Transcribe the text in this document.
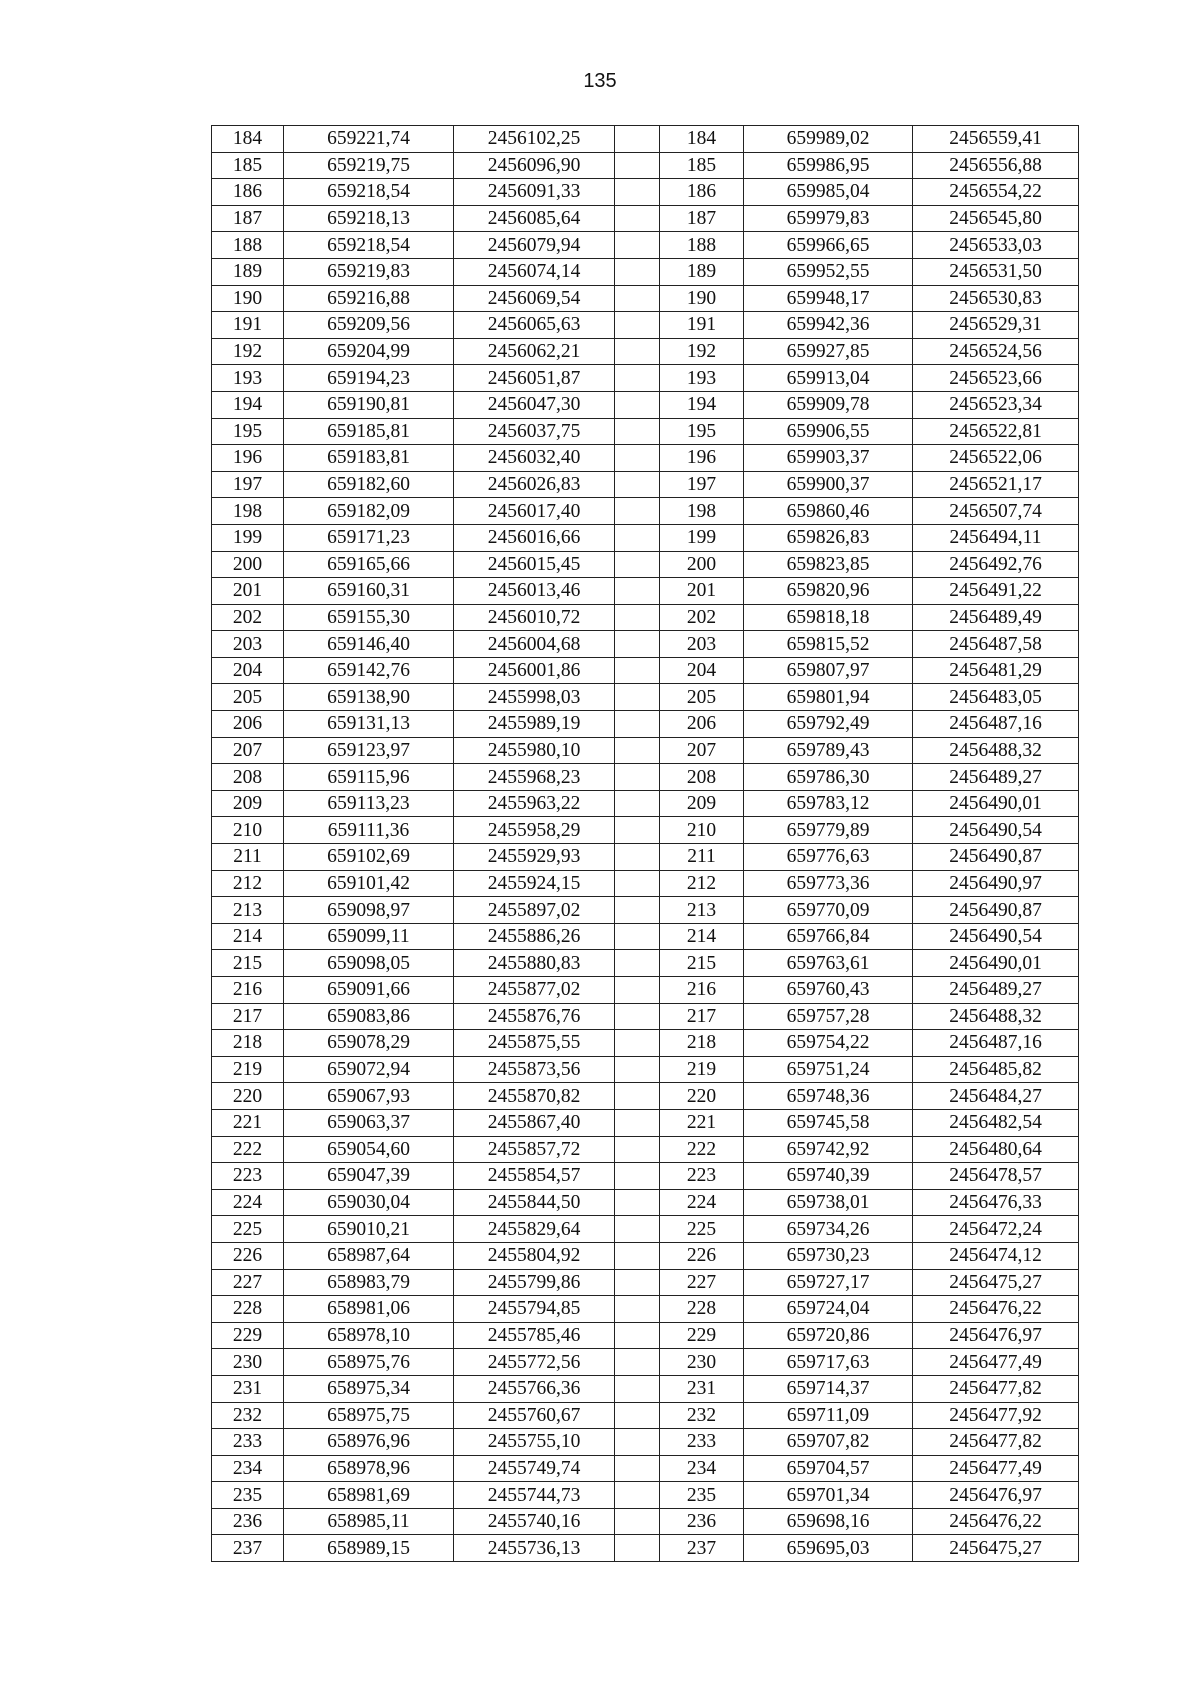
135
184	659221,74	2456102,25		184	659989,02	2456559,41
185	659219,75	2456096,90		185	659986,95	2456556,88
186	659218,54	2456091,33		186	659985,04	2456554,22
187	659218,13	2456085,64		187	659979,83	2456545,80
188	659218,54	2456079,94		188	659966,65	2456533,03
189	659219,83	2456074,14		189	659952,55	2456531,50
190	659216,88	2456069,54		190	659948,17	2456530,83
191	659209,56	2456065,63		191	659942,36	2456529,31
192	659204,99	2456062,21		192	659927,85	2456524,56
193	659194,23	2456051,87		193	659913,04	2456523,66
194	659190,81	2456047,30		194	659909,78	2456523,34
195	659185,81	2456037,75		195	659906,55	2456522,81
196	659183,81	2456032,40		196	659903,37	2456522,06
197	659182,60	2456026,83		197	659900,37	2456521,17
198	659182,09	2456017,40		198	659860,46	2456507,74
199	659171,23	2456016,66		199	659826,83	2456494,11
200	659165,66	2456015,45		200	659823,85	2456492,76
201	659160,31	2456013,46		201	659820,96	2456491,22
202	659155,30	2456010,72		202	659818,18	2456489,49
203	659146,40	2456004,68		203	659815,52	2456487,58
204	659142,76	2456001,86		204	659807,97	2456481,29
205	659138,90	2455998,03		205	659801,94	2456483,05
206	659131,13	2455989,19		206	659792,49	2456487,16
207	659123,97	2455980,10		207	659789,43	2456488,32
208	659115,96	2455968,23		208	659786,30	2456489,27
209	659113,23	2455963,22		209	659783,12	2456490,01
210	659111,36	2455958,29		210	659779,89	2456490,54
211	659102,69	2455929,93		211	659776,63	2456490,87
212	659101,42	2455924,15		212	659773,36	2456490,97
213	659098,97	2455897,02		213	659770,09	2456490,87
214	659099,11	2455886,26		214	659766,84	2456490,54
215	659098,05	2455880,83		215	659763,61	2456490,01
216	659091,66	2455877,02		216	659760,43	2456489,27
217	659083,86	2455876,76		217	659757,28	2456488,32
218	659078,29	2455875,55		218	659754,22	2456487,16
219	659072,94	2455873,56		219	659751,24	2456485,82
220	659067,93	2455870,82		220	659748,36	2456484,27
221	659063,37	2455867,40		221	659745,58	2456482,54
222	659054,60	2455857,72		222	659742,92	2456480,64
223	659047,39	2455854,57		223	659740,39	2456478,57
224	659030,04	2455844,50		224	659738,01	2456476,33
225	659010,21	2455829,64		225	659734,26	2456472,24
226	658987,64	2455804,92		226	659730,23	2456474,12
227	658983,79	2455799,86		227	659727,17	2456475,27
228	658981,06	2455794,85		228	659724,04	2456476,22
229	658978,10	2455785,46		229	659720,86	2456476,97
230	658975,76	2455772,56		230	659717,63	2456477,49
231	658975,34	2455766,36		231	659714,37	2456477,82
232	658975,75	2455760,67		232	659711,09	2456477,92
233	658976,96	2455755,10		233	659707,82	2456477,82
234	658978,96	2455749,74		234	659704,57	2456477,49
235	658981,69	2455744,73		235	659701,34	2456476,97
236	658985,11	2455740,16		236	659698,16	2456476,22
237	658989,15	2455736,13		237	659695,03	2456475,27
